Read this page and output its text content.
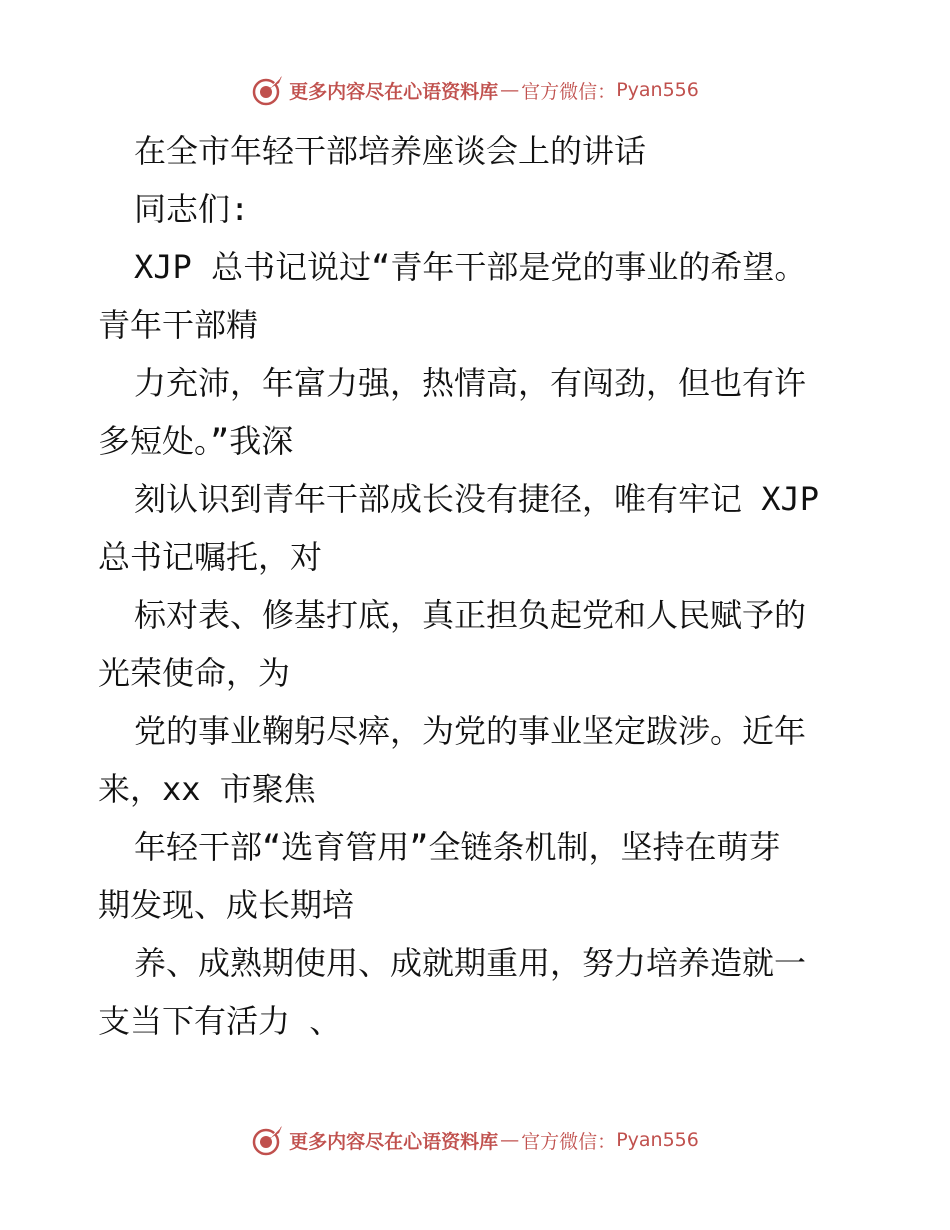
更多内容尽在心语资料库 — 官方微信： Pyan556
在全市年轻干部培养座谈会上的讲话
同志们:
XJP 总书记说过“青年干部是党的事业的希望。
青年干部精
力充沛，年富力强，热情高，有闯劲，但也有许
多短处。”我深
刻认识到青年干部成长没有捷径，唯有牢记 XJP
总书记嘱托，对
标对表、修基打底，真正担负起党和人民赋予的
光荣使命，为
党的事业鞠躬尽瘁，为党的事业坚定跋涉。近年
来，xx 市聚焦
年轻干部“选育管用”全链条机制，坚持在萌芽
期发现、成长期培
养、成熟期使用、成就期重用，努力培养造就一
支当下有活力 、
更多内容尽在心语资料库 — 官方微信： Pyan556
